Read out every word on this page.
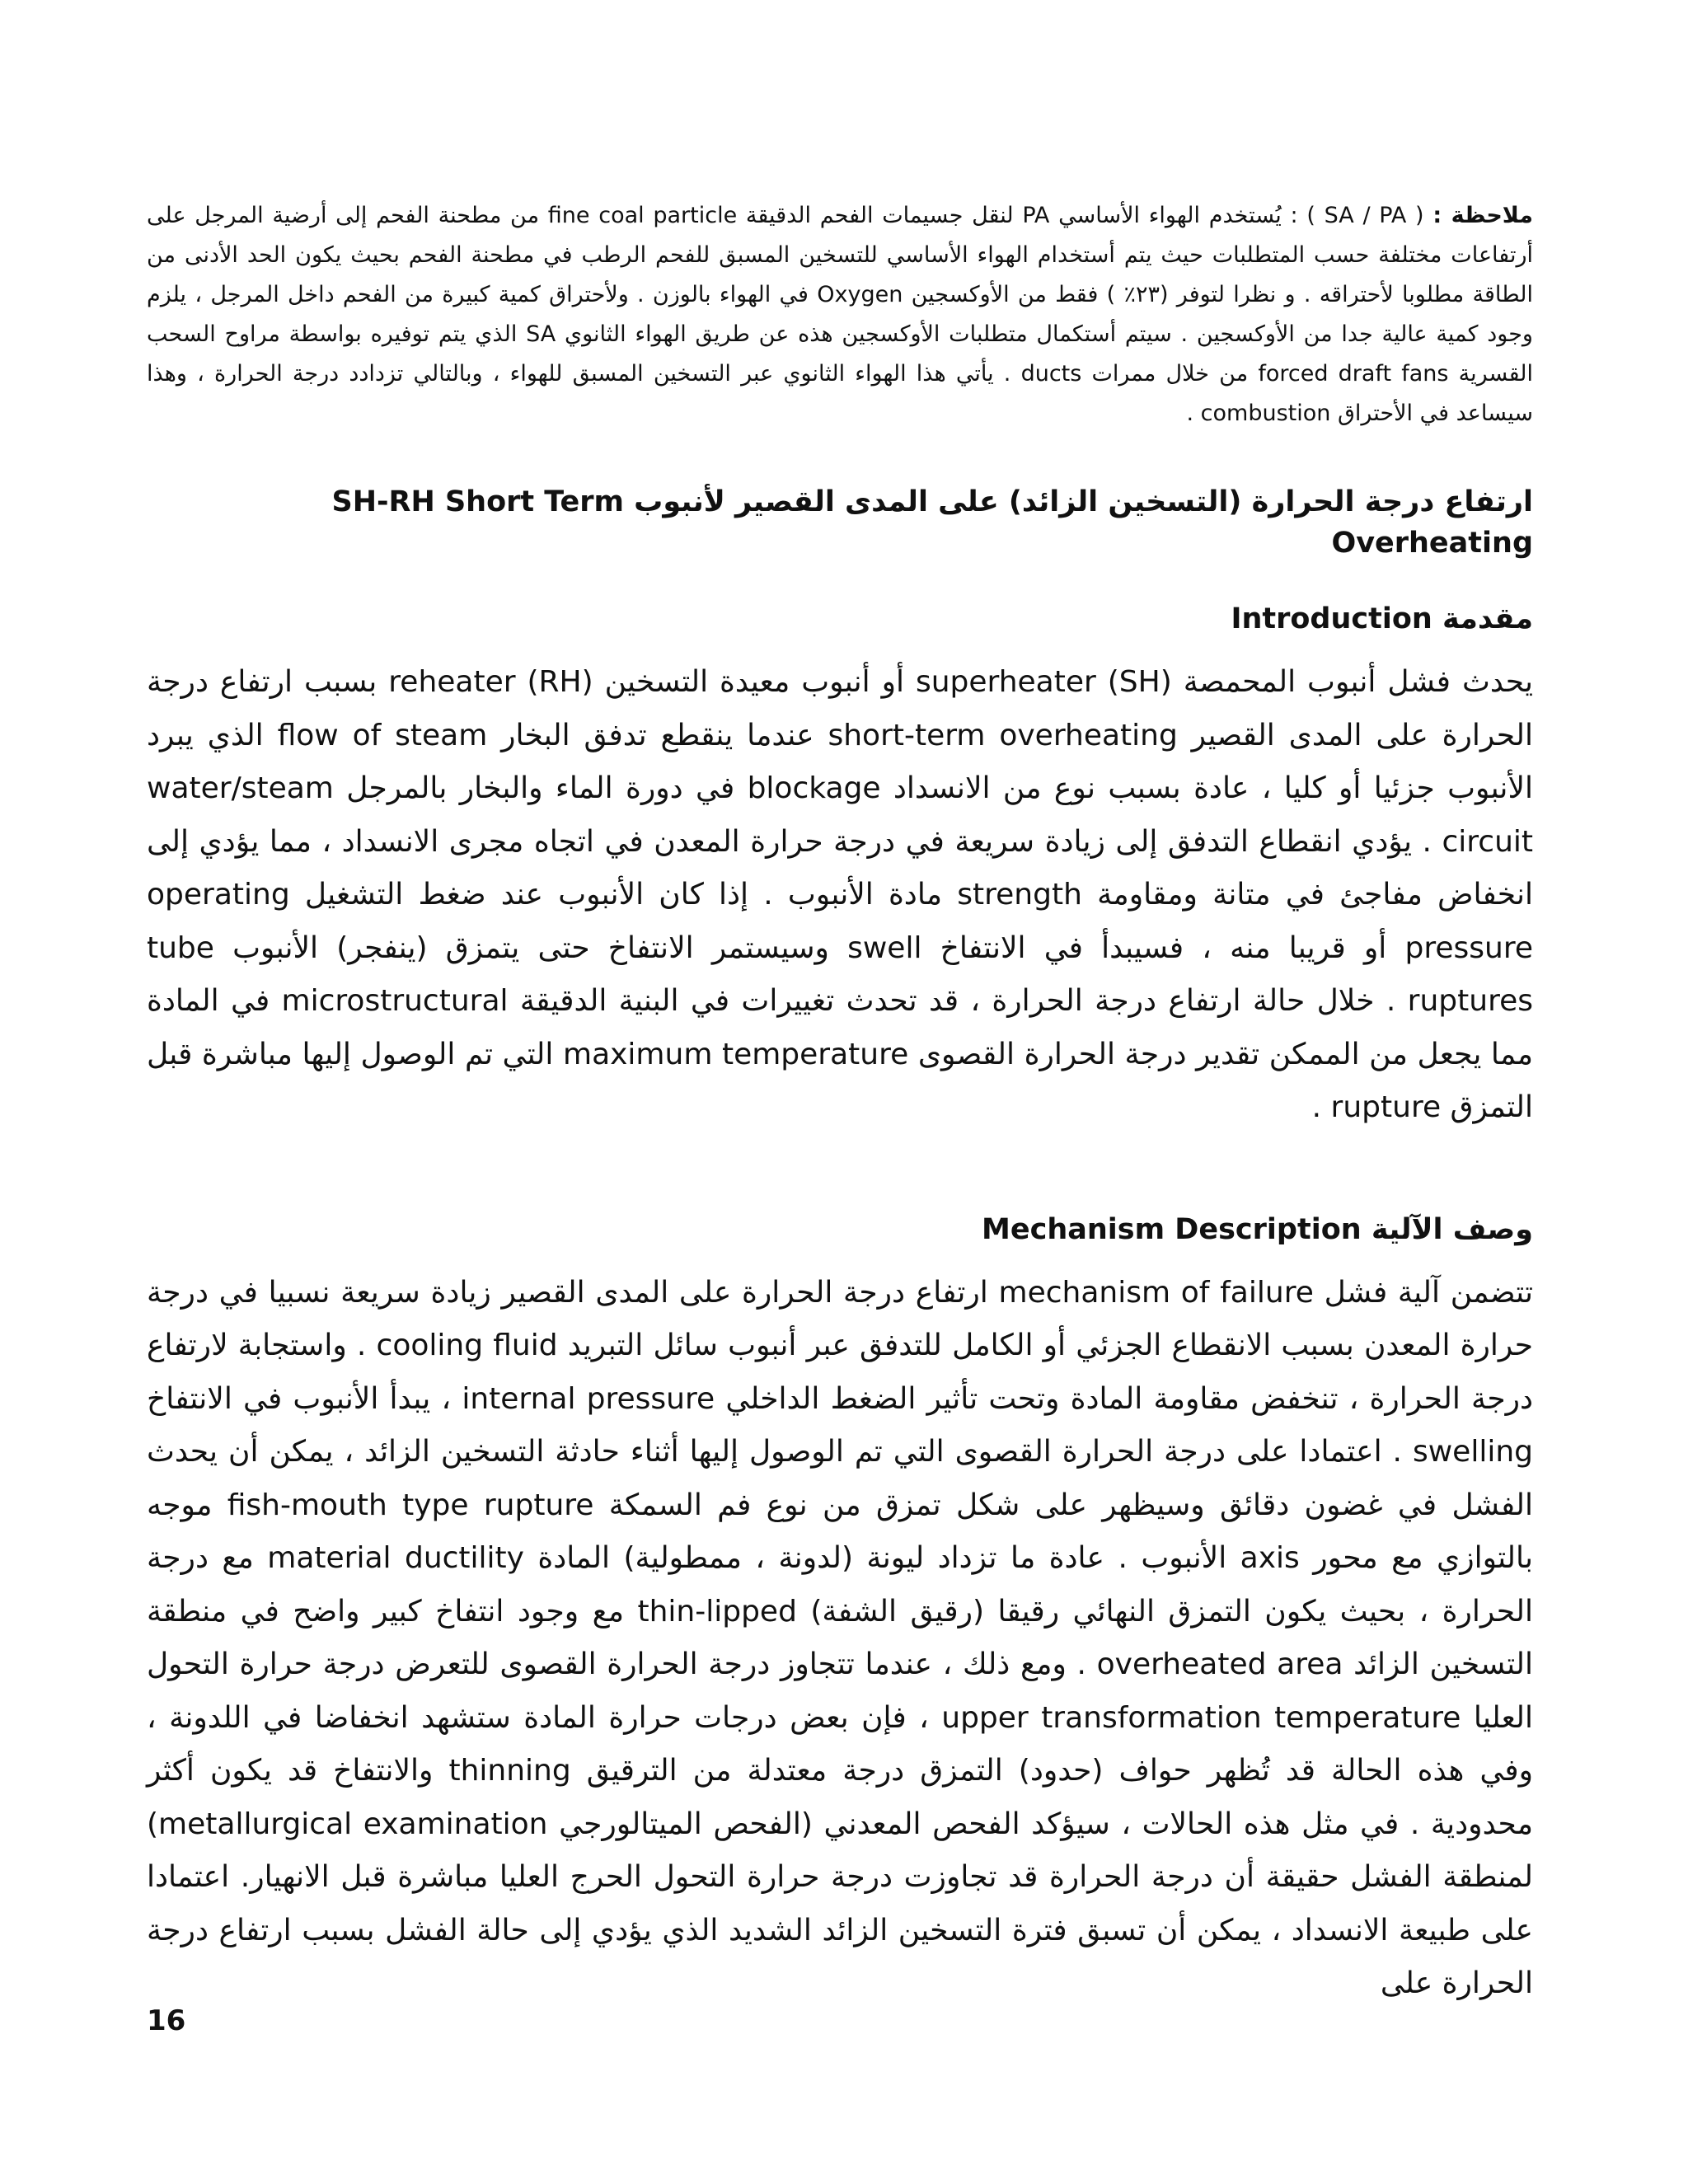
ملاحظة : ( SA / PA ) : يُستخدم الهواء الأساسي PA لنقل جسيمات الفحم الدقيقة fine coal particle من مطحنة الفحم إلى أرضية المرجل على أرتفاعات مختلفة حسب المتطلبات حيث يتم أستخدام الهواء الأساسي للتسخين المسبق للفحم الرطب في مطحنة الفحم بحيث يكون الحد الأدنى من الطاقة مطلوبا لأحتراقه . و نظرا لتوفر (٢٣٪ ) فقط من الأوكسجين Oxygen في الهواء بالوزن . ولأحتراق كمية كبيرة من الفحم داخل المرجل ، يلزم وجود كمية عالية جدا من الأوكسجين . سيتم أستكمال متطلبات الأوكسجين هذه عن طريق الهواء الثانوي SA الذي يتم توفيره بواسطة مراوح السحب القسرية forced draft fans من خلال ممرات ducts . يأتي هذا الهواء الثانوي عبر التسخين المسبق للهواء ، وبالتالي تزدادد درجة الحرارة ، وهذا سيساعد في الأحتراق combustion .

ارتفاع درجة الحرارة (التسخين الزائد) على المدى القصير لأنبوب SH-RH Short Term Overheating
مقدمة Introduction

يحدث فشل أنبوب المحمصة (superheater (SH أو أنبوب معيدة التسخين (reheater (RH بسبب ارتفاع درجة الحرارة على المدى القصير short-term overheating عندما ينقطع تدفق البخار flow of steam الذي يبرد الأنبوب جزئيا أو كليا ، عادة بسبب نوع من الانسداد blockage في دورة الماء والبخار بالمرجل water/steam circuit . يؤدي انقطاع التدفق إلى زيادة سريعة في درجة حرارة المعدن في اتجاه مجرى الانسداد ، مما يؤدي إلى انخفاض مفاجئ في متانة ومقاومة strength مادة الأنبوب . إذا كان الأنبوب عند ضغط التشغيل operating pressure أو قريبا منه ، فسيبدأ في الانتفاخ swell وسيستمر الانتفاخ حتى يتمزق (ينفجر) الأنبوب tube ruptures . خلال حالة ارتفاع درجة الحرارة ، قد تحدث تغييرات في البنية الدقيقة microstructural في المادة مما يجعل من الممكن تقدير درجة الحرارة القصوى maximum temperature التي تم الوصول إليها مباشرة قبل التمزق rupture .

وصف الآلية Mechanism Description

تتضمن آلية فشل mechanism of failure ارتفاع درجة الحرارة على المدى القصير زيادة سريعة نسبيا في درجة حرارة المعدن بسبب الانقطاع الجزئي أو الكامل للتدفق عبر أنبوب سائل التبريد cooling fluid . واستجابة لارتفاع درجة الحرارة ، تنخفض مقاومة المادة وتحت تأثير الضغط الداخلي internal pressure ، يبدأ الأنبوب في الانتفاخ swelling . اعتمادا على درجة الحرارة القصوى التي تم الوصول إليها أثناء حادثة التسخين الزائد ، يمكن أن يحدث الفشل في غضون دقائق وسيظهر على شكل تمزق من نوع فم السمكة fish-mouth type rupture موجه بالتوازي مع محور axis الأنبوب . عادة ما تزداد ليونة (لدونة ، ممطولية) المادة material ductility مع درجة الحرارة ، بحيث يكون التمزق النهائي رقيقا (رقيق الشفة) thin-lipped مع وجود انتفاخ كبير واضح في منطقة التسخين الزائد overheated area . ومع ذلك ، عندما تتجاوز درجة الحرارة القصوى للتعرض درجة حرارة التحول العليا upper transformation temperature ، فإن بعض درجات حرارة المادة ستشهد انخفاضا في اللدونة ، وفي هذه الحالة قد تُظهر حواف (حدود) التمزق درجة معتدلة من الترقيق thinning والانتفاخ قد يكون أكثر محدودية . في مثل هذه الحالات ، سيؤكد الفحص المعدني (الفحص الميتالورجي metallurgical examination) لمنطقة الفشل حقيقة أن درجة الحرارة قد تجاوزت درجة حرارة التحول الحرج العليا مباشرة قبل الانهيار. اعتمادا على طبيعة الانسداد ، يمكن أن تسبق فترة التسخين الزائد الشديد الذي يؤدي إلى حالة الفشل بسبب ارتفاع درجة الحرارة على

16
